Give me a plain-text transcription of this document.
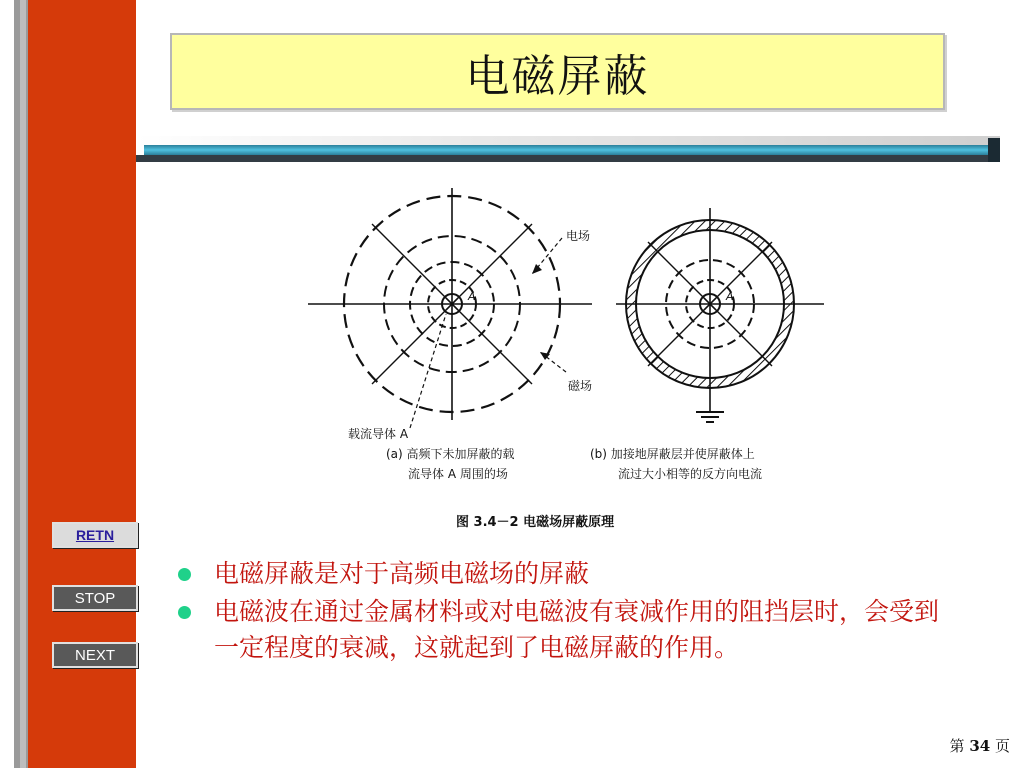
电磁屏蔽
RETN
STOP
NEXT
电场
磁场
载流导体 A
A	A
(a) 高频下未加屏蔽的载
流导体 A 周围的场
(b) 加接地屏蔽层并使屏蔽体上
流过大小相等的反方向电流
图 3.4－2 电磁场屏蔽原理
电磁屏蔽是对于高频电磁场的屏蔽
电磁波在通过金属材料或对电磁波有衰减作用的阻挡层时，会受到一定程度的衰减，这就起到了电磁屏蔽的作用。
第 34 页
